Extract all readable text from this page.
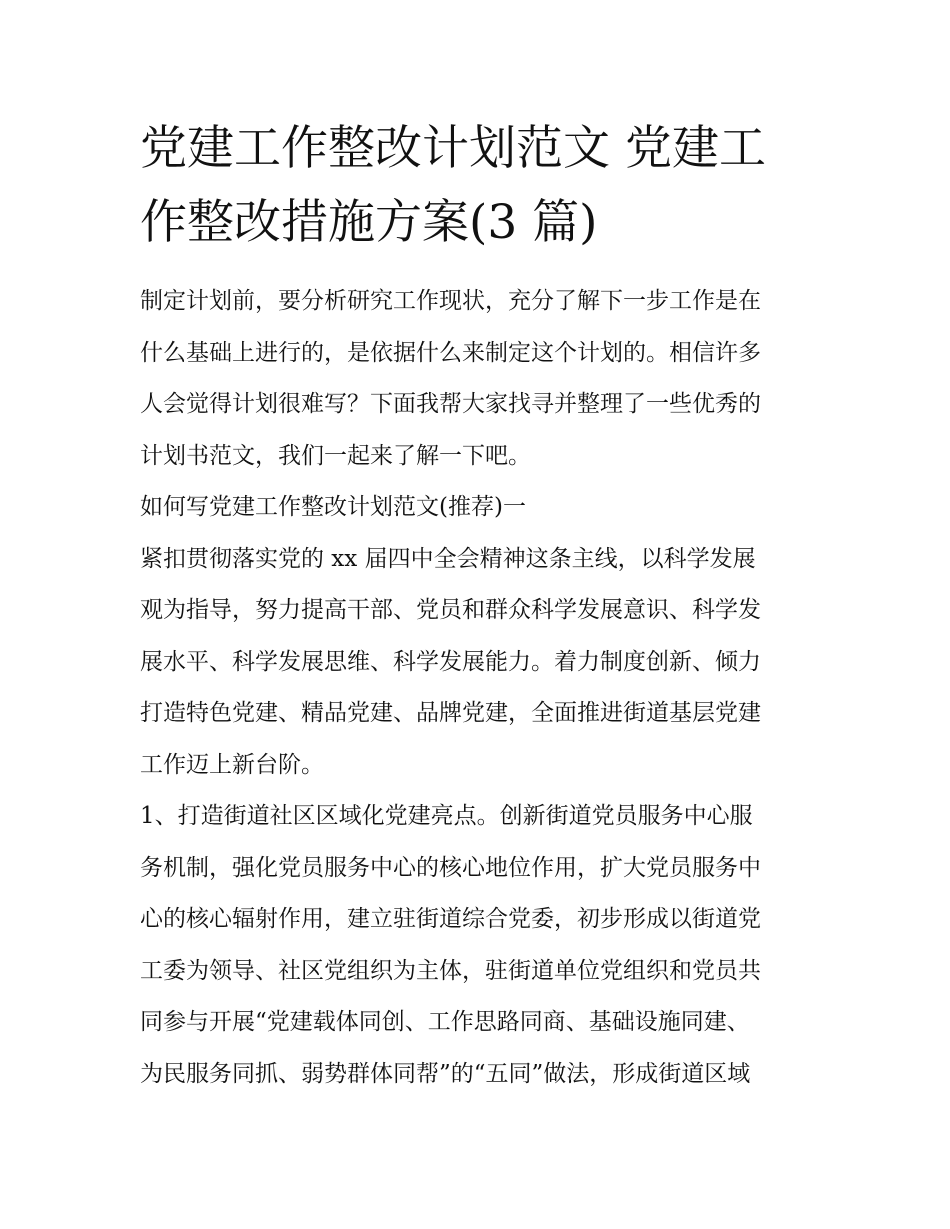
党建工作整改计划范文 党建工
作整改措施方案(3 篇)
制定计划前，要分析研究工作现状，充分了解下一步工作是在
什么基础上进行的，是依据什么来制定这个计划的。相信许多
人会觉得计划很难写？下面我帮大家找寻并整理了一些优秀的
计划书范文，我们一起来了解一下吧。
如何写党建工作整改计划范文(推荐)一
紧扣贯彻落实党的 xx 届四中全会精神这条主线，以科学发展
观为指导，努力提高干部、党员和群众科学发展意识、科学发
展水平、科学发展思维、科学发展能力。着力制度创新、倾力
打造特色党建、精品党建、品牌党建，全面推进街道基层党建
工作迈上新台阶。
1、打造街道社区区域化党建亮点。创新街道党员服务中心服
务机制，强化党员服务中心的核心地位作用，扩大党员服务中
心的核心辐射作用，建立驻街道综合党委，初步形成以街道党
工委为领导、社区党组织为主体，驻街道单位党组织和党员共
同参与开展“党建载体同创、工作思路同商、基础设施同建、
为民服务同抓、弱势群体同帮”的“五同”做法，形成街道区域
